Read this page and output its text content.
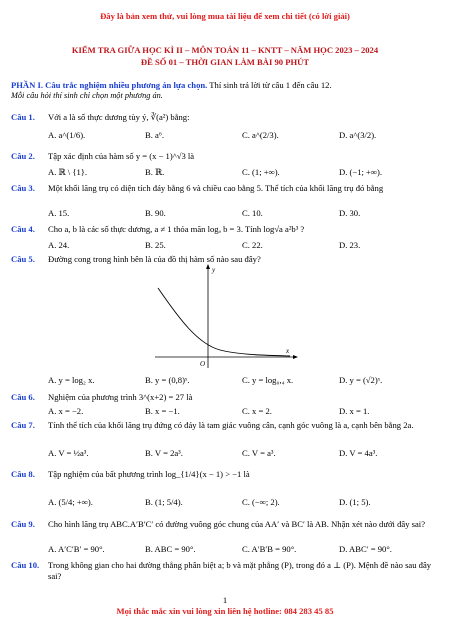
Đây là bản xem thử, vui lòng mua tài liệu để xem chi tiết (có lời giải)
KIỂM TRA GIỮA HỌC KÌ II – MÔN TOÁN 11 – KNTT – NĂM HỌC 2023 – 2024
ĐỀ SỐ 01 – THỜI GIAN LÀM BÀI 90 PHÚT
PHẦN I. Câu trắc nghiệm nhiều phương án lựa chọn. Thí sinh trả lời từ câu 1 đến câu 12.
Mỗi câu hỏi thí sinh chỉ chọn một phương án.
Câu 1. Với a là số thực dương tùy ý, ∛(a²) bằng:
A. a^(1/6).	B. a⁶.	C. a^(2/3).	D. a^(3/2).
Câu 2. Tập xác định của hàm số y = (x − 1)^√3 là
A. ℝ \ {1}.	B. ℝ.	C. (1; +∞).	D. (−1; +∞).
Câu 3. Một khối lăng trụ có diện tích đáy bằng 6 và chiều cao bằng 5. Thể tích của khối lăng trụ đó bằng
A. 15.	B. 90.	C. 10.	D. 30.
Câu 4. Cho a, b là các số thực dương, a ≠ 1 thỏa mãn logₐ b = 3. Tính log√a a²b³ ?
A. 24.	B. 25.	C. 22.	D. 23.
Câu 5. Đường cong trong hình bên là của đồ thị hàm số nào sau đây?
y
x
O
A. y = log₂ x.	B. y = (0,8)ˣ.	C. y = log₀,₄ x.	D. y = (√2)ˣ.
Câu 6. Nghiệm của phương trình 3^(x+2) = 27 là
A. x = −2.	B. x = −1.	C. x = 2.	D. x = 1.
Câu 7. Tính thể tích của khối lăng trụ đứng có đáy là tam giác vuông cân, cạnh góc vuông là a, cạnh bên bằng 2a.
A. V = ½a³.	B. V = 2a³.	C. V = a³.	D. V = 4a³.
Câu 8. Tập nghiệm của bất phương trình log_{1/4}(x − 1) > −1 là
A. (5/4; +∞).	B. (1; 5/4).	C. (−∞; 2).	D. (1; 5).
Câu 9. Cho hình lăng trụ ABC.A′B′C′ có đường vuông góc chung của AA′ và BC′ là AB. Nhận xét nào dưới đây sai?
A. A′C′B′ = 90°.	B. ABC = 90°.	C. A′B′B = 90°.	D. ABC′ = 90°.
Câu 10. Trong không gian cho hai đường thẳng phân biệt a; b và mặt phẳng (P), trong đó a ⊥ (P). Mệnh đề nào sau đây sai?
1
Mọi thắc mắc xin vui lòng xin liên hệ hotline: 084 283 45 85
